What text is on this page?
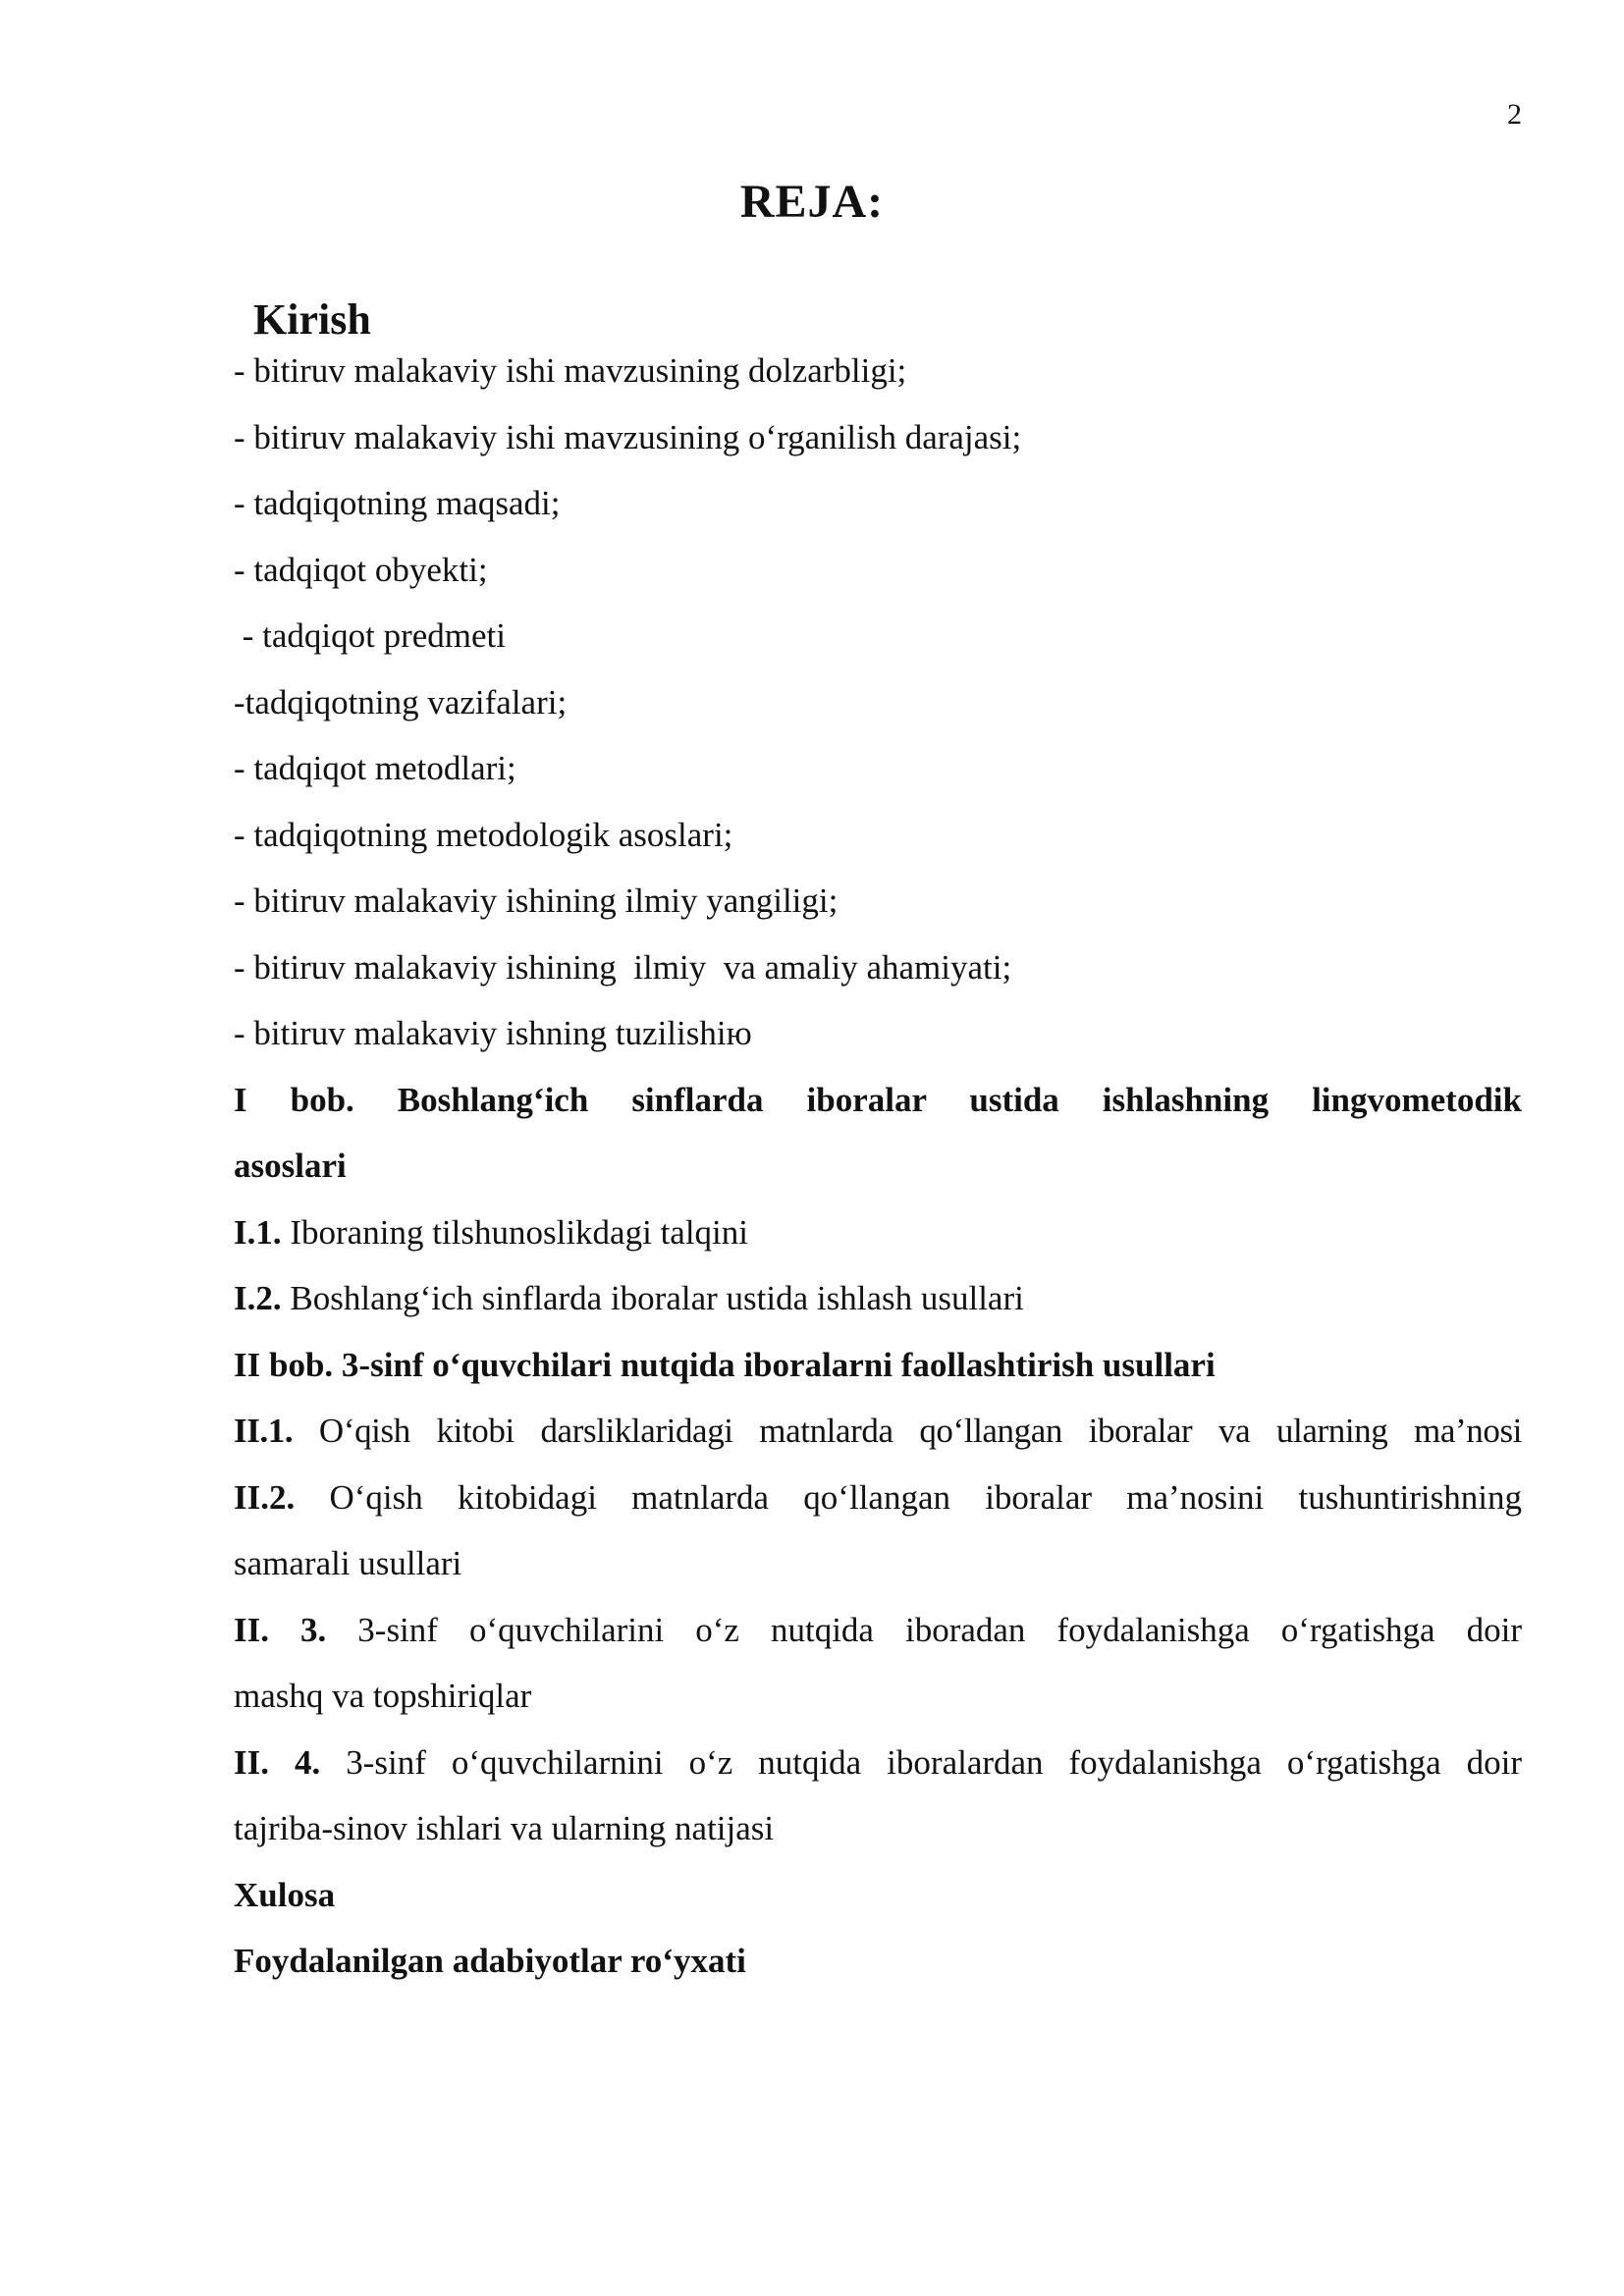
2
REJA:
Kirish
- bitiruv malakaviy ishi mavzusining dolzarbligi;
- bitiruv malakaviy ishi mavzusining o‘rganilish darajasi;
- tadqiqotning maqsadi;
- tadqiqot obyekti;
- tadqiqot predmeti
-tadqiqotning vazifalari;
- tadqiqot metodlari;
- tadqiqotning metodologik asoslari;
- bitiruv malakaviy ishining ilmiy yangiligi;
- bitiruv malakaviy ishining  ilmiy  va amaliy ahamiyati;
- bitiruv malakaviy ishning tuzilishiю
I bob. Boshlang‘ich sinflarda iboralar ustida ishlashning lingvometodik
asoslari
I.1. Iboraning tilshunoslikdagi talqini
I.2. Boshlang‘ich sinflarda iboralar ustida ishlash usullari
II bob. 3-sinf o‘quvchilari nutqida iboralarni faollashtirish usullari
II.1. O‘qish kitobi darsliklaridagi matnlarda qo‘llangan iboralar va ularning ma’nosi
II.2. O‘qish kitobidagi matnlarda qo‘llangan iboralar ma’nosini tushuntirishning
samarali usullari
II. 3. 3-sinf o‘quvchilarini o‘z nutqida iboradan foydalanishga o‘rgatishga doir
mashq va topshiriqlar
II. 4. 3-sinf o‘quvchilarnini o‘z nutqida iboralardan foydalanishga o‘rgatishga doir
tajriba-sinov ishlari va ularning natijasi
Xulosa
Foydalanilgan adabiyotlar ro‘yxati
